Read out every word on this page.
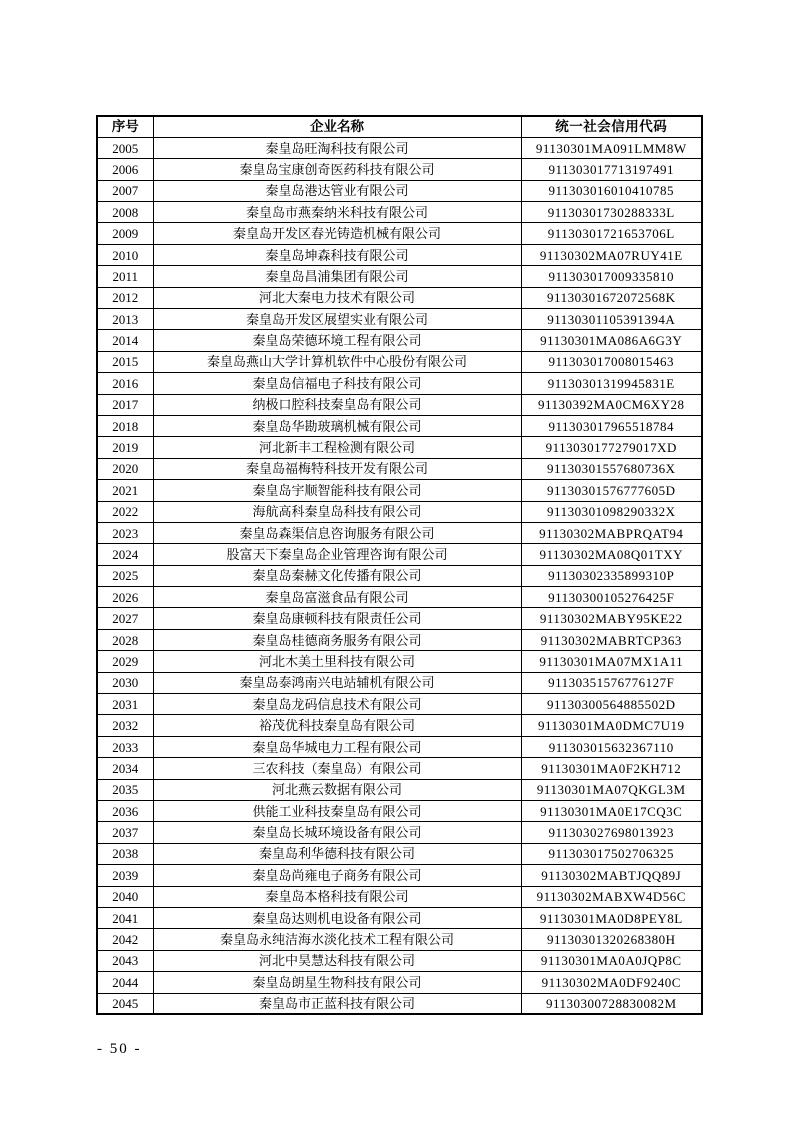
序号	企业名称	统一社会信用代码
2005	秦皇岛旺淘科技有限公司	91130301MA091LMM8W
2006	秦皇岛宝康创奇医药科技有限公司	911303017713197491
2007	秦皇岛港达管业有限公司	911303016010410785
2008	秦皇岛市燕秦纳米科技有限公司	91130301730288333L
2009	秦皇岛开发区春光铸造机械有限公司	91130301721653706L
2010	秦皇岛坤森科技有限公司	91130302MA07RUY41E
2011	秦皇岛昌浦集团有限公司	911303017009335810
2012	河北大秦电力技术有限公司	91130301672072568K
2013	秦皇岛开发区展望实业有限公司	91130301105391394A
2014	秦皇岛荣德环境工程有限公司	91130301MA086A6G3Y
2015	秦皇岛燕山大学计算机软件中心股份有限公司	911303017008015463
2016	秦皇岛信福电子科技有限公司	91130301319945831E
2017	纳极口腔科技秦皇岛有限公司	91130392MA0CM6XY28
2018	秦皇岛华勘玻璃机械有限公司	911303017965518784
2019	河北新丰工程检测有限公司	9113030177279017XD
2020	秦皇岛福梅特科技开发有限公司	91130301557680736X
2021	秦皇岛宇顺智能科技有限公司	91130301576777605D
2022	海航高科秦皇岛科技有限公司	91130301098290332X
2023	秦皇岛森渠信息咨询服务有限公司	91130302MABPRQAT94
2024	股富天下秦皇岛企业管理咨询有限公司	91130302MA08Q01TXY
2025	秦皇岛秦赫文化传播有限公司	91130302335899310P
2026	秦皇岛富滋食品有限公司	91130300105276425F
2027	秦皇岛康顿科技有限责任公司	91130302MABY95KE22
2028	秦皇岛桂德商务服务有限公司	91130302MABRTCP363
2029	河北木美土里科技有限公司	91130301MA07MX1A11
2030	秦皇岛泰鸿南兴电站辅机有限公司	91130351576776127F
2031	秦皇岛龙码信息技术有限公司	91130300564885502D
2032	裕茂优科技秦皇岛有限公司	91130301MA0DMC7U19
2033	秦皇岛华城电力工程有限公司	911303015632367110
2034	三农科技（秦皇岛）有限公司	91130301MA0F2KH712
2035	河北燕云数据有限公司	91130301MA07QKGL3M
2036	供能工业科技秦皇岛有限公司	91130301MA0E17CQ3C
2037	秦皇岛长城环境设备有限公司	911303027698013923
2038	秦皇岛利华德科技有限公司	911303017502706325
2039	秦皇岛尚雍电子商务有限公司	91130302MABTJQQ89J
2040	秦皇岛本格科技有限公司	91130302MABXW4D56C
2041	秦皇岛达则机电设备有限公司	91130301MA0D8PEY8L
2042	秦皇岛永纯洁海水淡化技术工程有限公司	91130301320268380H
2043	河北中昊慧达科技有限公司	91130301MA0A0JQP8C
2044	秦皇岛朗星生物科技有限公司	91130302MA0DF9240C
2045	秦皇岛市正蓝科技有限公司	91130300728830082M
- 50 -
